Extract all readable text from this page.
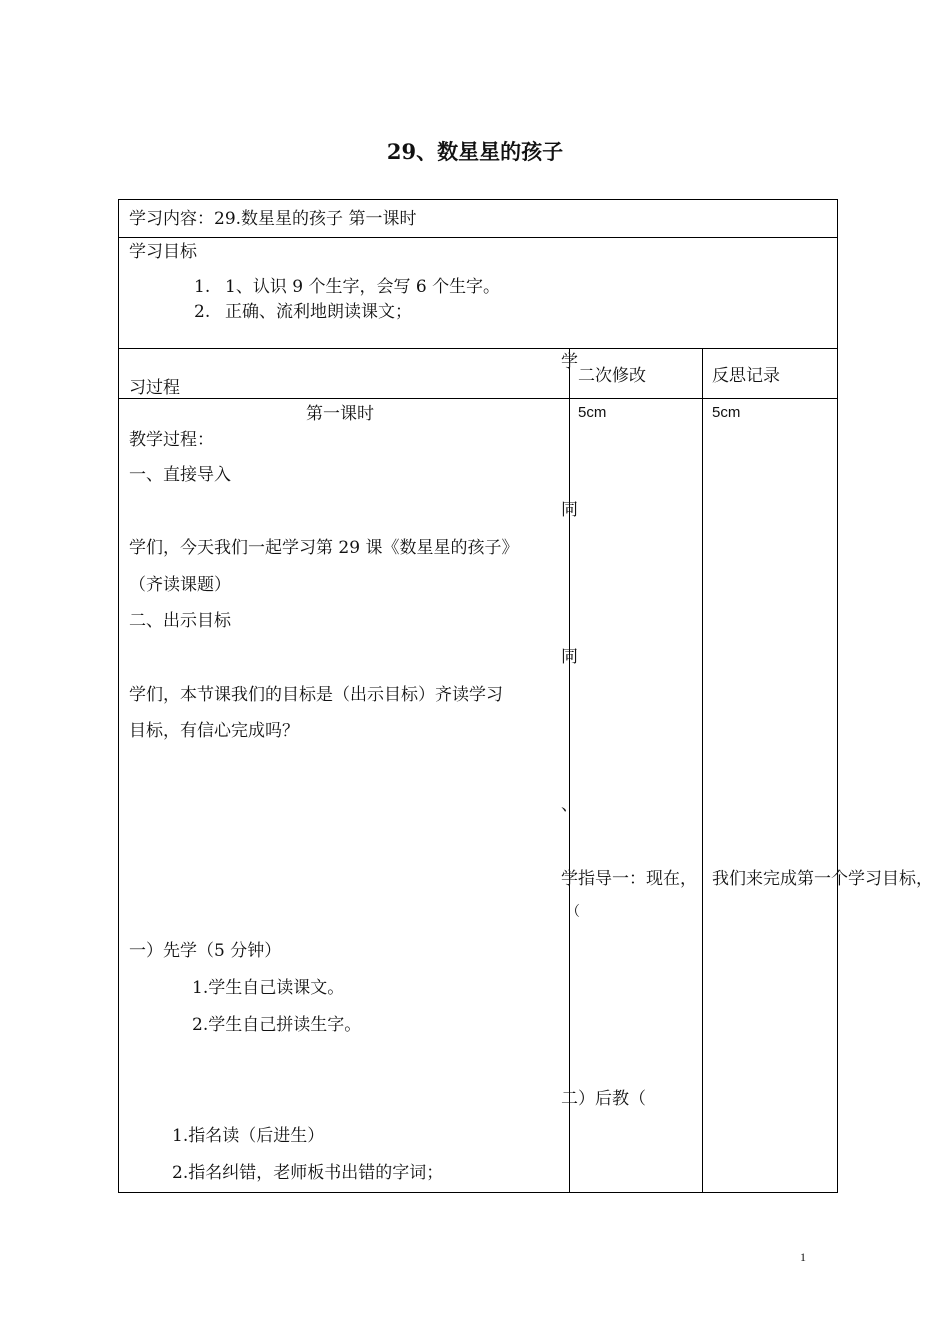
29、数星星的孩子
学习内容：29.数星星的孩子 第一课时
学习目标
1. 1、认识 9 个生字，会写 6 个生字。
2. 正确、流利地朗读课文；
学
习过程
二次修改	反思记录
5cm	5cm
第一课时
教学过程：
一、直接导入
同
学们，今天我们一起学习第 29 课《数星星的孩子》
（齐读课题）
二、出示目标
同
学们，本节课我们的目标是（出示目标）齐读学习
目标，有信心完成吗？
、
学指导一：现在， 我们来完成第一个学习目标，
（
一）先学（5 分钟）
1.学生自己读课文。
2.学生自己拼读生字。
二）后教（
1.指名读（后进生）
2.指名纠错，老师板书出错的字词；
1
